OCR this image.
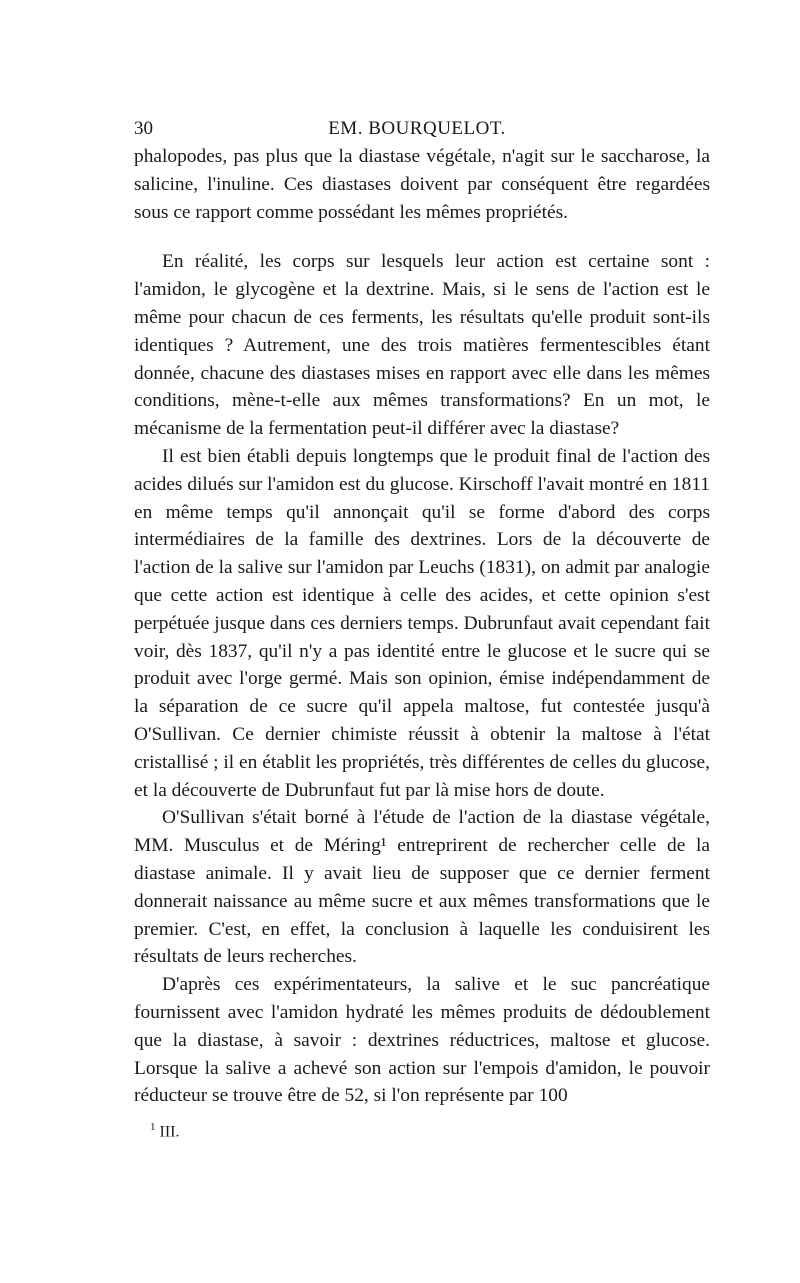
30	EM. BOURQUELOT.

phalopodes, pas plus que la diastase végétale, n'agit sur le saccharose, la salicine, l'inuline. Ces diastases doivent par conséquent être regardées sous ce rapport comme possédant les mêmes propriétés.

En réalité, les corps sur lesquels leur action est certaine sont : l'amidon, le glycogène et la dextrine. Mais, si le sens de l'action est le même pour chacun de ces ferments, les résultats qu'elle produit sont-ils identiques ? Autrement, une des trois matières fermentescibles étant donnée, chacune des diastases mises en rapport avec elle dans les mêmes conditions, mène-t-elle aux mêmes transformations? En un mot, le mécanisme de la fermentation peut-il différer avec la diastase?

Il est bien établi depuis longtemps que le produit final de l'action des acides dilués sur l'amidon est du glucose. Kirschoff l'avait montré en 1811 en même temps qu'il annonçait qu'il se forme d'abord des corps intermédiaires de la famille des dextrines. Lors de la découverte de l'action de la salive sur l'amidon par Leuchs (1831), on admit par analogie que cette action est identique à celle des acides, et cette opinion s'est perpétuée jusque dans ces derniers temps. Dubrunfaut avait cependant fait voir, dès 1837, qu'il n'y a pas identité entre le glucose et le sucre qui se produit avec l'orge germé. Mais son opinion, émise indépendamment de la séparation de ce sucre qu'il appela maltose, fut contestée jusqu'à O'Sullivan. Ce dernier chimiste réussit à obtenir la maltose à l'état cristallisé ; il en établit les propriétés, très différentes de celles du glucose, et la découverte de Dubrunfaut fut par là mise hors de doute.

O'Sullivan s'était borné à l'étude de l'action de la diastase végétale, MM. Musculus et de Méring¹ entreprirent de rechercher celle de la diastase animale. Il y avait lieu de supposer que ce dernier ferment donnerait naissance au même sucre et aux mêmes transformations que le premier. C'est, en effet, la conclusion à laquelle les conduisirent les résultats de leurs recherches.

D'après ces expérimentateurs, la salive et le suc pancréatique fournissent avec l'amidon hydraté les mêmes produits de dédoublement que la diastase, à savoir : dextrines réductrices, maltose et glucose. Lorsque la salive a achevé son action sur l'empois d'amidon, le pouvoir réducteur se trouve être de 52, si l'on représente par 100

$^1$ III.
